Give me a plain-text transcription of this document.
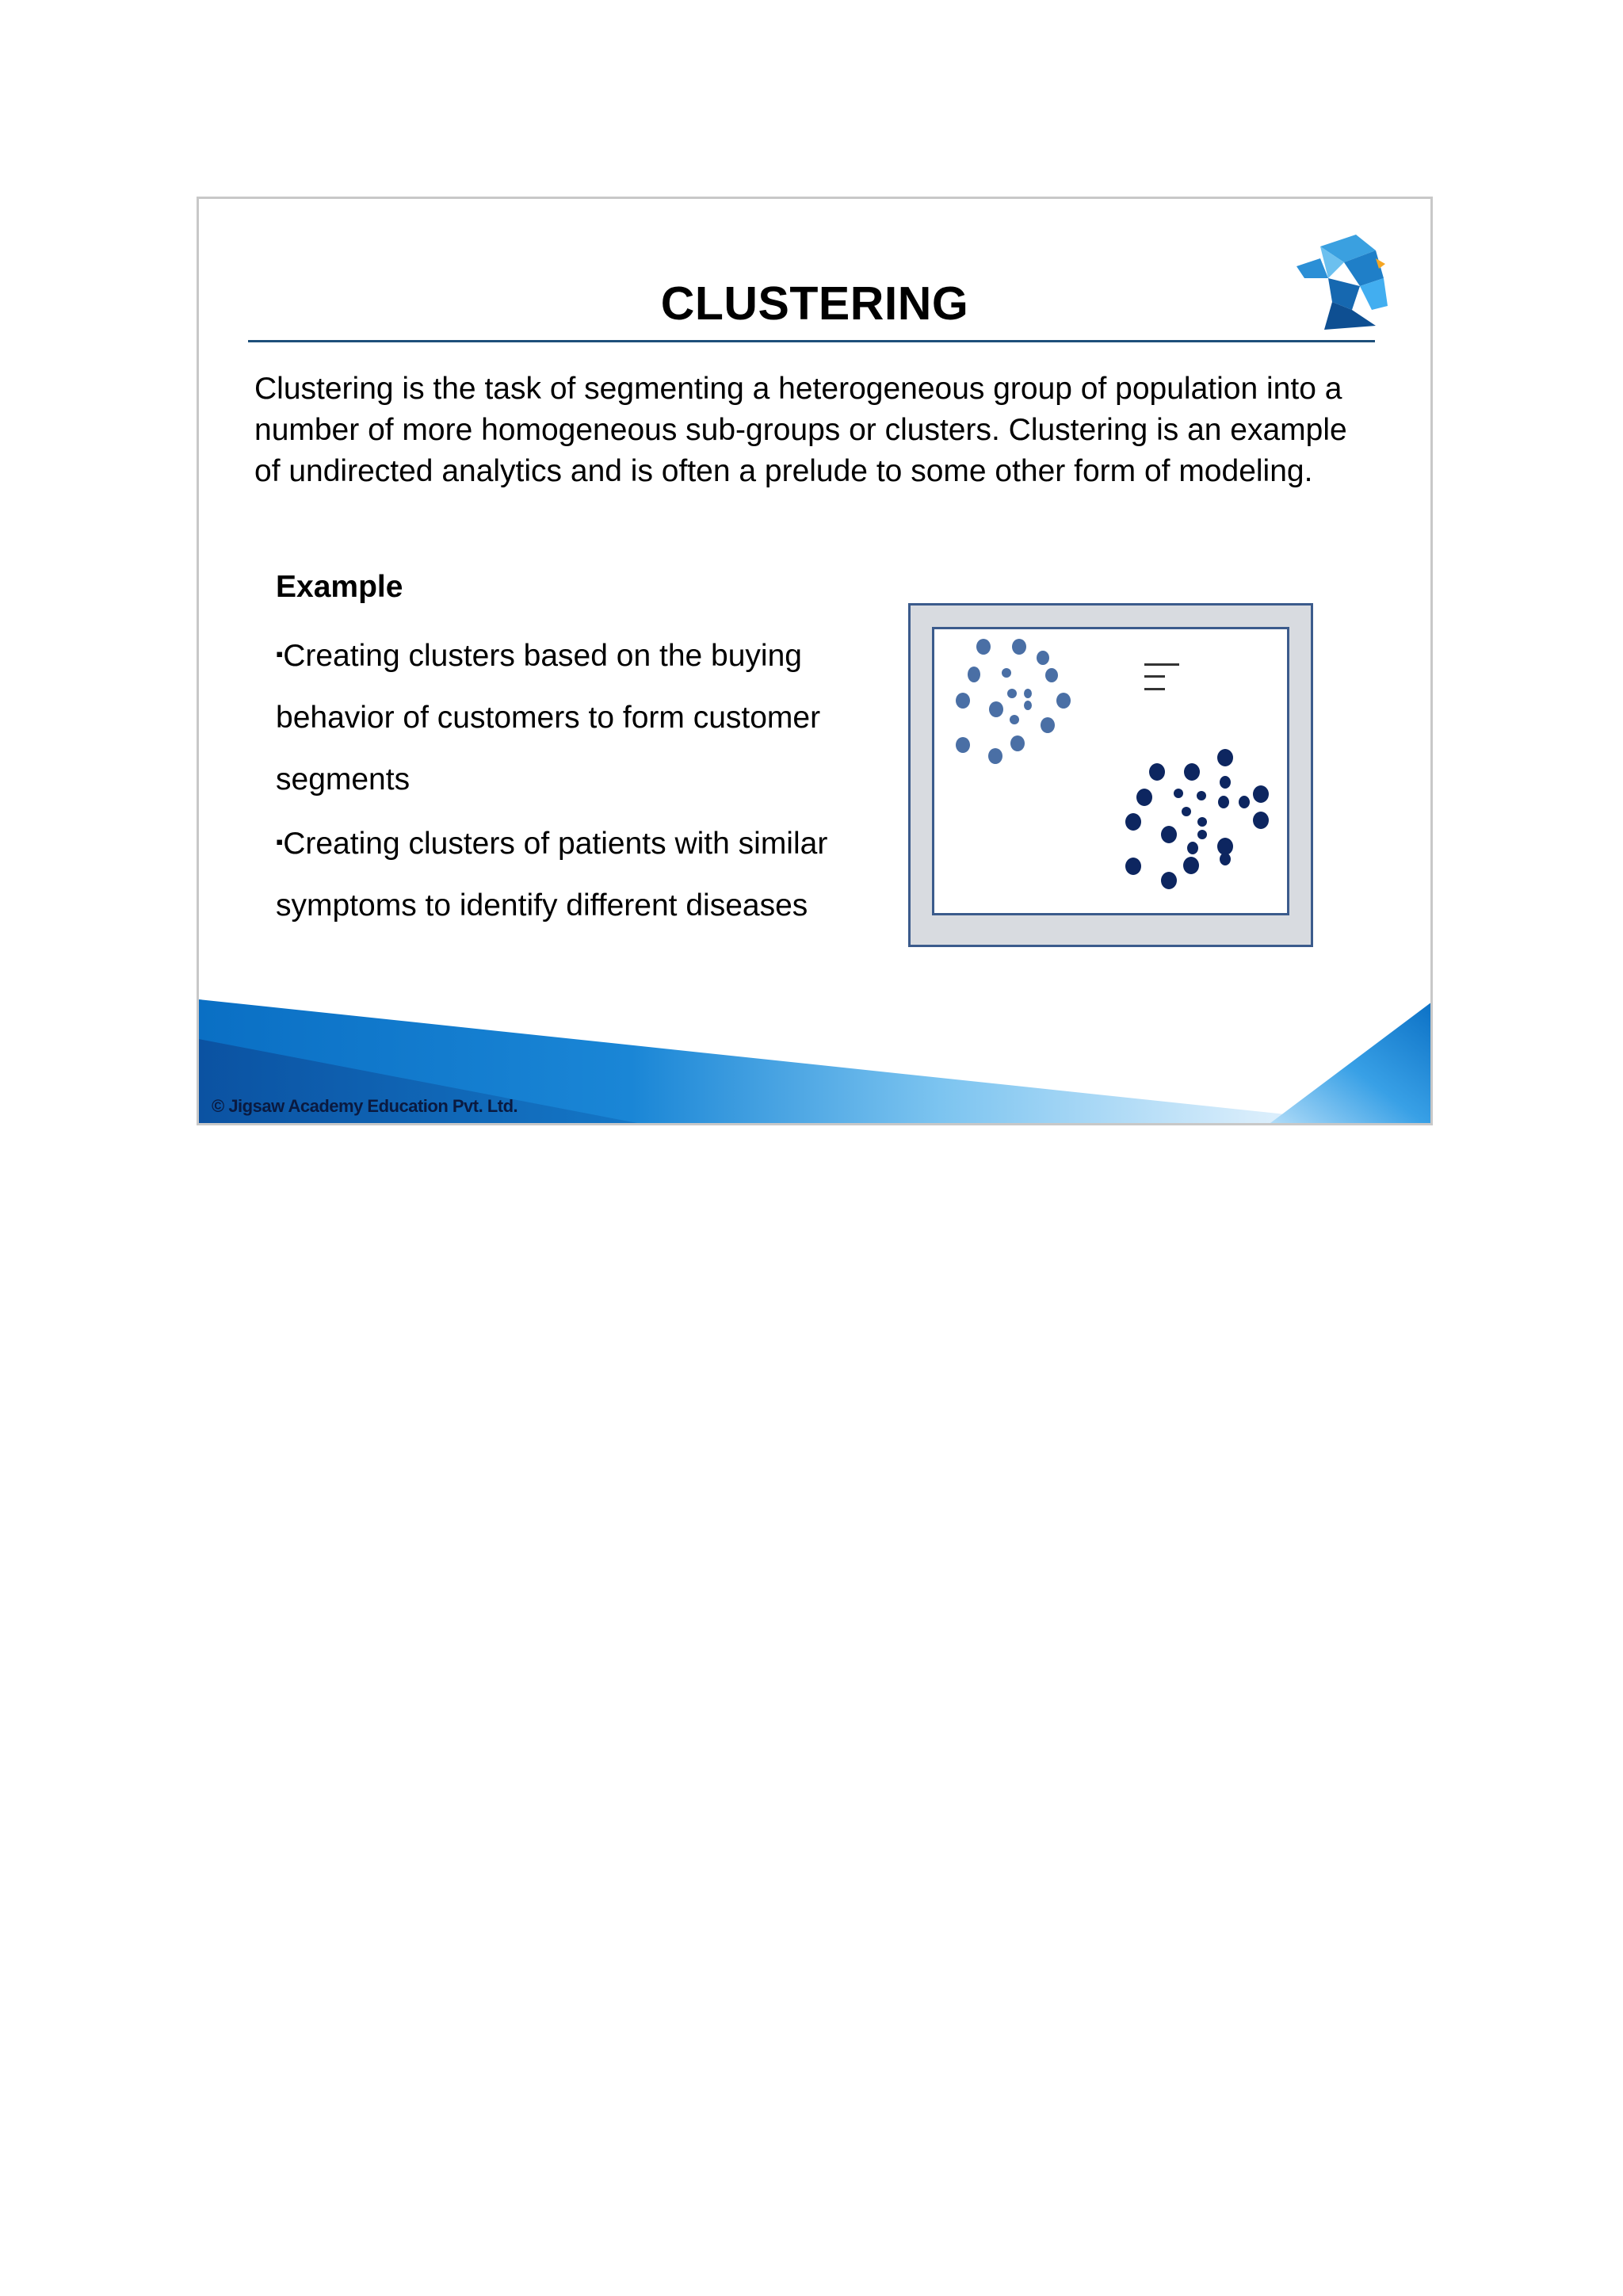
CLUSTERING
Clustering is the task of segmenting a heterogeneous group of population into a number of more homogeneous sub-groups or clusters. Clustering is an example of undirected analytics and is often a prelude to some other form of modeling.
Example

▪Creating clusters based on the buying behavior of customers to form customer segments

▪Creating clusters of patients with similar symptoms to identify different diseases

© Jigsaw Academy Education Pvt. Ltd.
